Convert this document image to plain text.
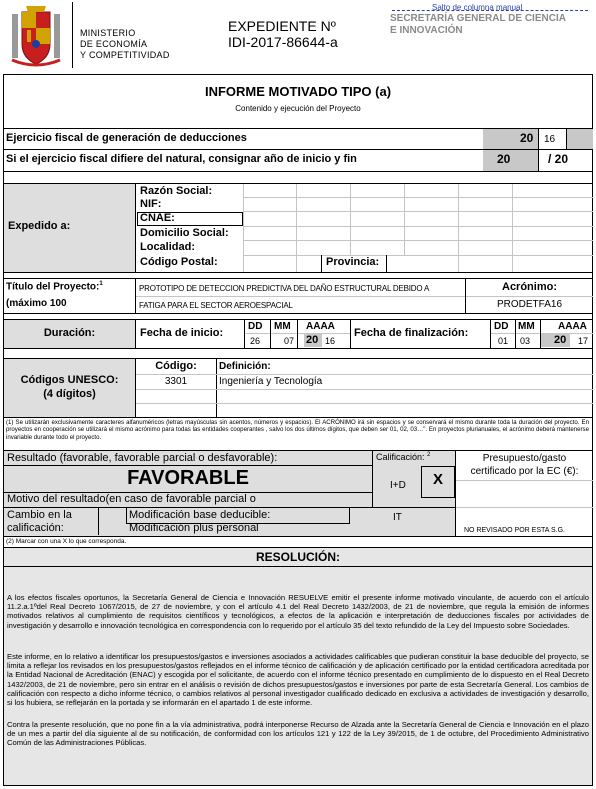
MINISTERIO
DE ECONOMÍA
Y COMPETITIVIDAD
EXPEDIENTE Nº
IDI-2017-86644-a
Salto de columna manual
SECRETARÍA GENERAL DE CIENCIA
E INNOVACIÓN
INFORME MOTIVADO TIPO (a)
Contenido y ejecución del Proyecto
Ejercicio fiscal de generación de deducciones	20 16
Si el ejercicio fiscal difiere del natural, consignar año de inicio y fin	20	/ 20
Expedido a:
Razón Social:
NIF:
CNAE:
Domicilio Social:
Localidad:
Código Postal:	Provincia:
Título del Proyecto:$^1$
(máximo 100
PROTOTIPO DE DETECCION PREDICTIVA DEL DAÑO ESTRUCTURAL DEBIDO A
FATIGA PARA EL SECTOR AEROESPACIAL
Acrónimo:
PRODETFA16
Duración:	Fecha de inicio:
DD MM AAAA
26	07 20 16
Fecha de finalización:
DD MM AAAA
01 03 20 17
Códigos UNESCO:
(4 dígitos)
Código:	Definición:
3301	Ingeniería y Tecnología
(1) Se utilizarán exclusivamente caracteres alfanuméricos (letras mayúsculas sin acentos, números y espacios). El ACRÓNIMO irá sin espacios y se conservará el mismo durante toda la duración del proyecto. En proyectos en cooperación se utilizará el mismo acrónimo para todas las entidades cooperantes , salvo los dos últimos dígitos, que deben ser 01, 02, 03…". En proyectos plurianuales, el acrónimo deberá mantenerse invariable durante todo el proyecto.
Resultado (favorable, favorable parcial o desfavorable):
FAVORABLE
Motivo del resultado(en caso de favorable parcial o
Cambio en la
calificación:
Modificación base deducible:
Modificación plus personal
Calificación: $^2$
I+D	X
IT
Presupuesto/gasto
certificado por la EC (€):
NO REVISADO POR ESTA S.G.
(2) Marcar con una X lo que corresponda.
RESOLUCIÓN:
A los efectos fiscales oportunos, la Secretaría General de Ciencia e Innovación RESUELVE emitir el presente informe motivado vinculante, de acuerdo con el artículo 11.2.a.1ºdel Real Decreto 1067/2015, de 27 de noviembre, y con el artículo 4.1 del Real Decreto 1432/2003, de 21 de noviembre, que regula la emisión de informes motivados relativos al cumplimiento de requisitos científicos y tecnológicos, a efectos de la aplicación e interpretación de deducciones fiscales por actividades de investigación y desarrollo e innovación tecnológica en correspondencia con lo requerido por el artículo 35 del texto refundido de la Ley del Impuesto sobre Sociedades.
Este informe, en lo relativo a identificar los presupuestos/gastos e inversiones asociados a actividades calificables que pudieran constituir la base deducible del proyecto, se limita a reflejar los revisados en los presupuestos/gastos reflejados en el informe técnico de calificación y de aplicación certificado por la entidad certificadora acreditada por la Entidad Nacional de Acreditación (ENAC) y escogida por el solicitante, de acuerdo con el informe técnico presentado en cumplimiento de lo dispuesto en el Real Decreto 1432/2003, de 21 de noviembre, pero sin entrar en el análisis o revisión de dichos presupuestos/gastos e inversiones por parte de esta Secretaría General. Los cambios de calificación con respecto a dicho informe técnico, o cambios relativos al personal investigador cualificado dedicado en exclusiva a actividades de investigación y desarrollo, si los hubiera, se reflejarán en la portada y se informarán en el apartado 1 de este informe.
Contra la presente resolución, que no pone fin a la vía administrativa, podrá interponerse Recurso de Alzada ante la Secretaría General de Ciencia e Innovación en el plazo de un mes a partir del día siguiente al de su notificación, de conformidad con los artículos 121 y 122 de la Ley 39/2015, de 1 de octubre, del Procedimiento Administrativo Común de las Administraciones Públicas.
